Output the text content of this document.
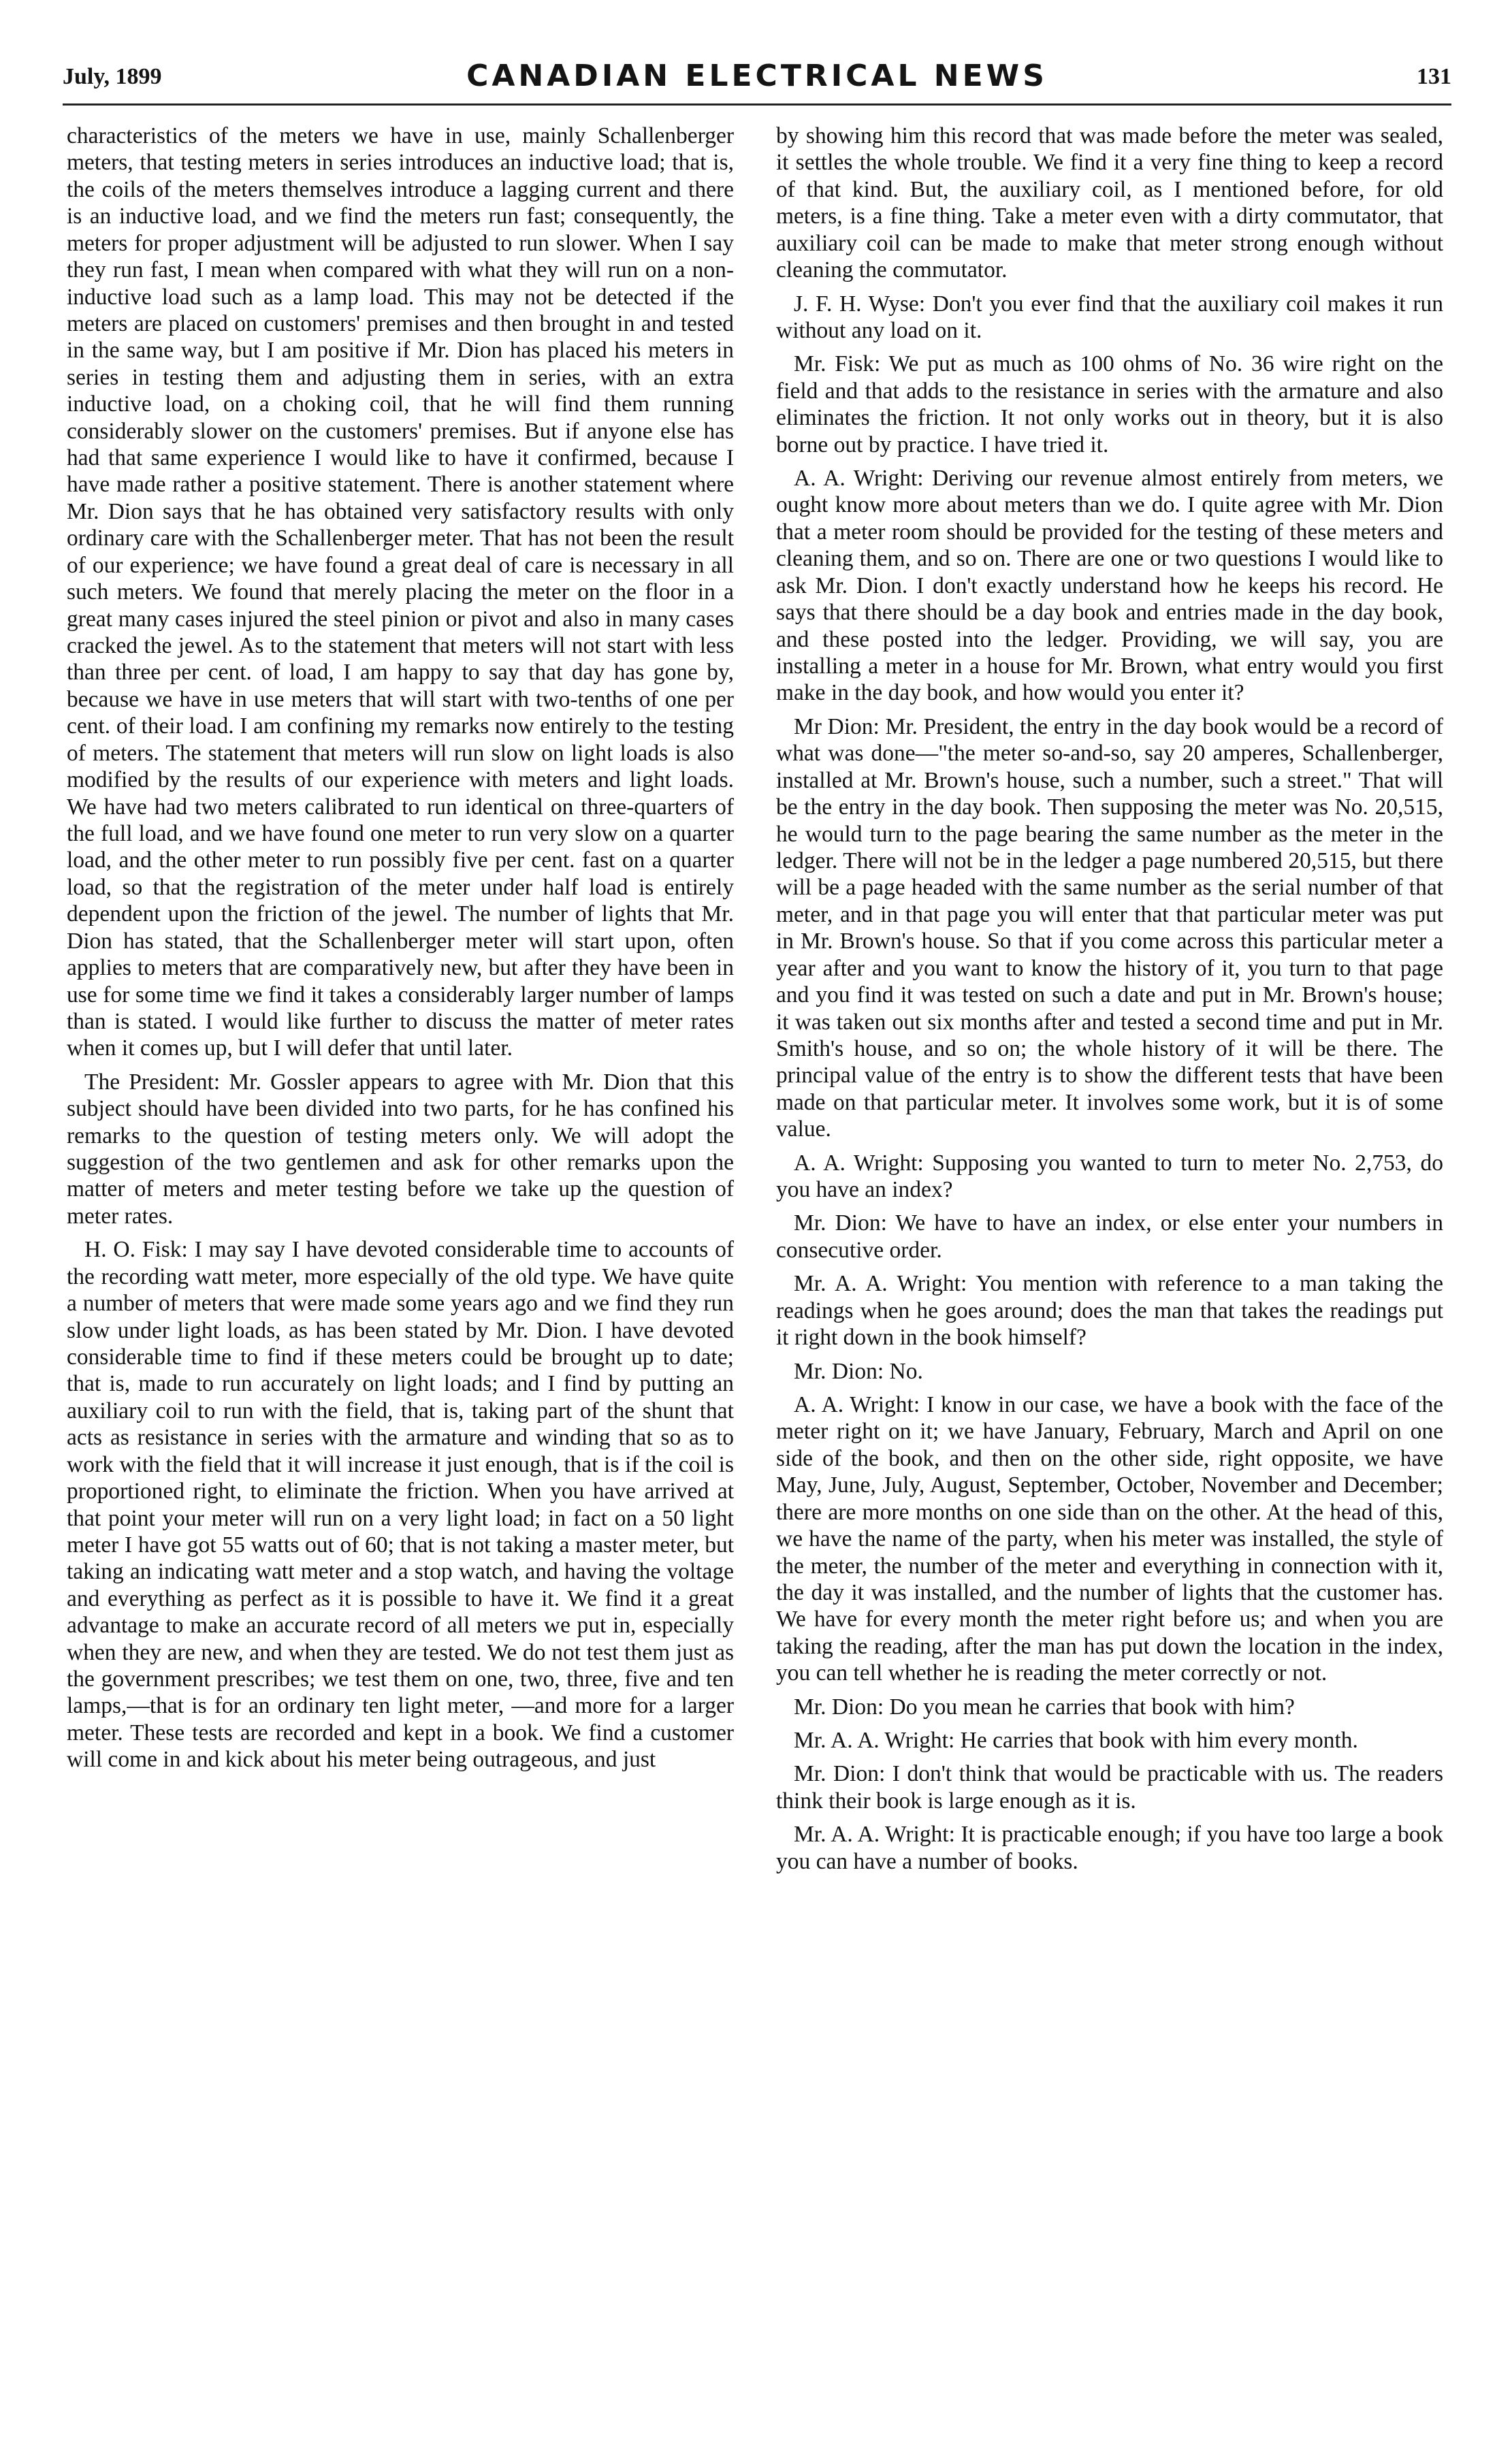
July, 1899	CANADIAN ELECTRICAL NEWS	131

characteristics of the meters we have in use, mainly Schallenberger meters, that testing meters in series introduces an inductive load; that is, the coils of the meters themselves introduce a lagging current and there is an inductive load, and we find the meters run fast; consequently, the meters for proper adjustment will be adjusted to run slower. When I say they run fast, I mean when compared with what they will run on a non-inductive load such as a lamp load. This may not be detected if the meters are placed on customers' premises and then brought in and tested in the same way, but I am positive if Mr. Dion has placed his meters in series in testing them and adjusting them in series, with an extra inductive load, on a choking coil, that he will find them running considerably slower on the customers' premises. But if anyone else has had that same experience I would like to have it confirmed, because I have made rather a positive statement. There is another statement where Mr. Dion says that he has obtained very satisfactory results with only ordinary care with the Schallenberger meter. That has not been the result of our experience; we have found a great deal of care is necessary in all such meters. We found that merely placing the meter on the floor in a great many cases injured the steel pinion or pivot and also in many cases cracked the jewel. As to the statement that meters will not start with less than three per cent. of load, I am happy to say that day has gone by, because we have in use meters that will start with two-tenths of one per cent. of their load. I am confining my remarks now entirely to the testing of meters. The statement that meters will run slow on light loads is also modified by the results of our experience with meters and light loads. We have had two meters calibrated to run identical on three-quarters of the full load, and we have found one meter to run very slow on a quarter load, and the other meter to run possibly five per cent. fast on a quarter load, so that the registration of the meter under half load is entirely dependent upon the friction of the jewel. The number of lights that Mr. Dion has stated, that the Schallenberger meter will start upon, often applies to meters that are comparatively new, but after they have been in use for some time we find it takes a considerably larger number of lamps than is stated. I would like further to discuss the matter of meter rates when it comes up, but I will defer that until later.

The President: Mr. Gossler appears to agree with Mr. Dion that this subject should have been divided into two parts, for he has confined his remarks to the question of testing meters only. We will adopt the suggestion of the two gentlemen and ask for other remarks upon the matter of meters and meter testing before we take up the question of meter rates.

H. O. Fisk: I may say I have devoted considerable time to accounts of the recording watt meter, more especially of the old type. We have quite a number of meters that were made some years ago and we find they run slow under light loads, as has been stated by Mr. Dion. I have devoted considerable time to find if these meters could be brought up to date; that is, made to run accurately on light loads; and I find by putting an auxiliary coil to run with the field, that is, taking part of the shunt that acts as resistance in series with the armature and winding that so as to work with the field that it will increase it just enough, that is if the coil is proportioned right, to eliminate the friction. When you have arrived at that point your meter will run on a very light load; in fact on a 50 light meter I have got 55 watts out of 60; that is not taking a master meter, but taking an indicating watt meter and a stop watch, and having the voltage and everything as perfect as it is possible to have it. We find it a great advantage to make an accurate record of all meters we put in, especially when they are new, and when they are tested. We do not test them just as the government prescribes; we test them on one, two, three, five and ten lamps,—that is for an ordinary ten light meter, —and more for a larger meter. These tests are recorded and kept in a book. We find a customer will come in and kick about his meter being outrageous, and just

by showing him this record that was made before the meter was sealed, it settles the whole trouble. We find it a very fine thing to keep a record of that kind. But, the auxiliary coil, as I mentioned before, for old meters, is a fine thing. Take a meter even with a dirty commutator, that auxiliary coil can be made to make that meter strong enough without cleaning the commutator.

J. F. H. Wyse: Don't you ever find that the auxiliary coil makes it run without any load on it.

Mr. Fisk: We put as much as 100 ohms of No. 36 wire right on the field and that adds to the resistance in series with the armature and also eliminates the friction. It not only works out in theory, but it is also borne out by practice. I have tried it.

A. A. Wright: Deriving our revenue almost entirely from meters, we ought know more about meters than we do. I quite agree with Mr. Dion that a meter room should be provided for the testing of these meters and cleaning them, and so on. There are one or two questions I would like to ask Mr. Dion. I don't exactly understand how he keeps his record. He says that there should be a day book and entries made in the day book, and these posted into the ledger. Providing, we will say, you are installing a meter in a house for Mr. Brown, what entry would you first make in the day book, and how would you enter it?

Mr Dion: Mr. President, the entry in the day book would be a record of what was done—"the meter so-and-so, say 20 amperes, Schallenberger, installed at Mr. Brown's house, such a number, such a street." That will be the entry in the day book. Then supposing the meter was No. 20,515, he would turn to the page bearing the same number as the meter in the ledger. There will not be in the ledger a page numbered 20,515, but there will be a page headed with the same number as the serial number of that meter, and in that page you will enter that that particular meter was put in Mr. Brown's house. So that if you come across this particular meter a year after and you want to know the history of it, you turn to that page and you find it was tested on such a date and put in Mr. Brown's house; it was taken out six months after and tested a second time and put in Mr. Smith's house, and so on; the whole history of it will be there. The principal value of the entry is to show the different tests that have been made on that particular meter. It involves some work, but it is of some value.

A. A. Wright: Supposing you wanted to turn to meter No. 2,753, do you have an index?

Mr. Dion: We have to have an index, or else enter your numbers in consecutive order.

Mr. A. A. Wright: You mention with reference to a man taking the readings when he goes around; does the man that takes the readings put it right down in the book himself?

Mr. Dion: No.

A. A. Wright: I know in our case, we have a book with the face of the meter right on it; we have January, February, March and April on one side of the book, and then on the other side, right opposite, we have May, June, July, August, September, October, November and December; there are more months on one side than on the other. At the head of this, we have the name of the party, when his meter was installed, the style of the meter, the number of the meter and everything in connection with it, the day it was installed, and the number of lights that the customer has. We have for every month the meter right before us; and when you are taking the reading, after the man has put down the location in the index, you can tell whether he is reading the meter correctly or not.

Mr. Dion: Do you mean he carries that book with him?

Mr. A. A. Wright: He carries that book with him every month.

Mr. Dion: I don't think that would be practicable with us. The readers think their book is large enough as it is.

Mr. A. A. Wright: It is practicable enough; if you have too large a book you can have a number of books.
